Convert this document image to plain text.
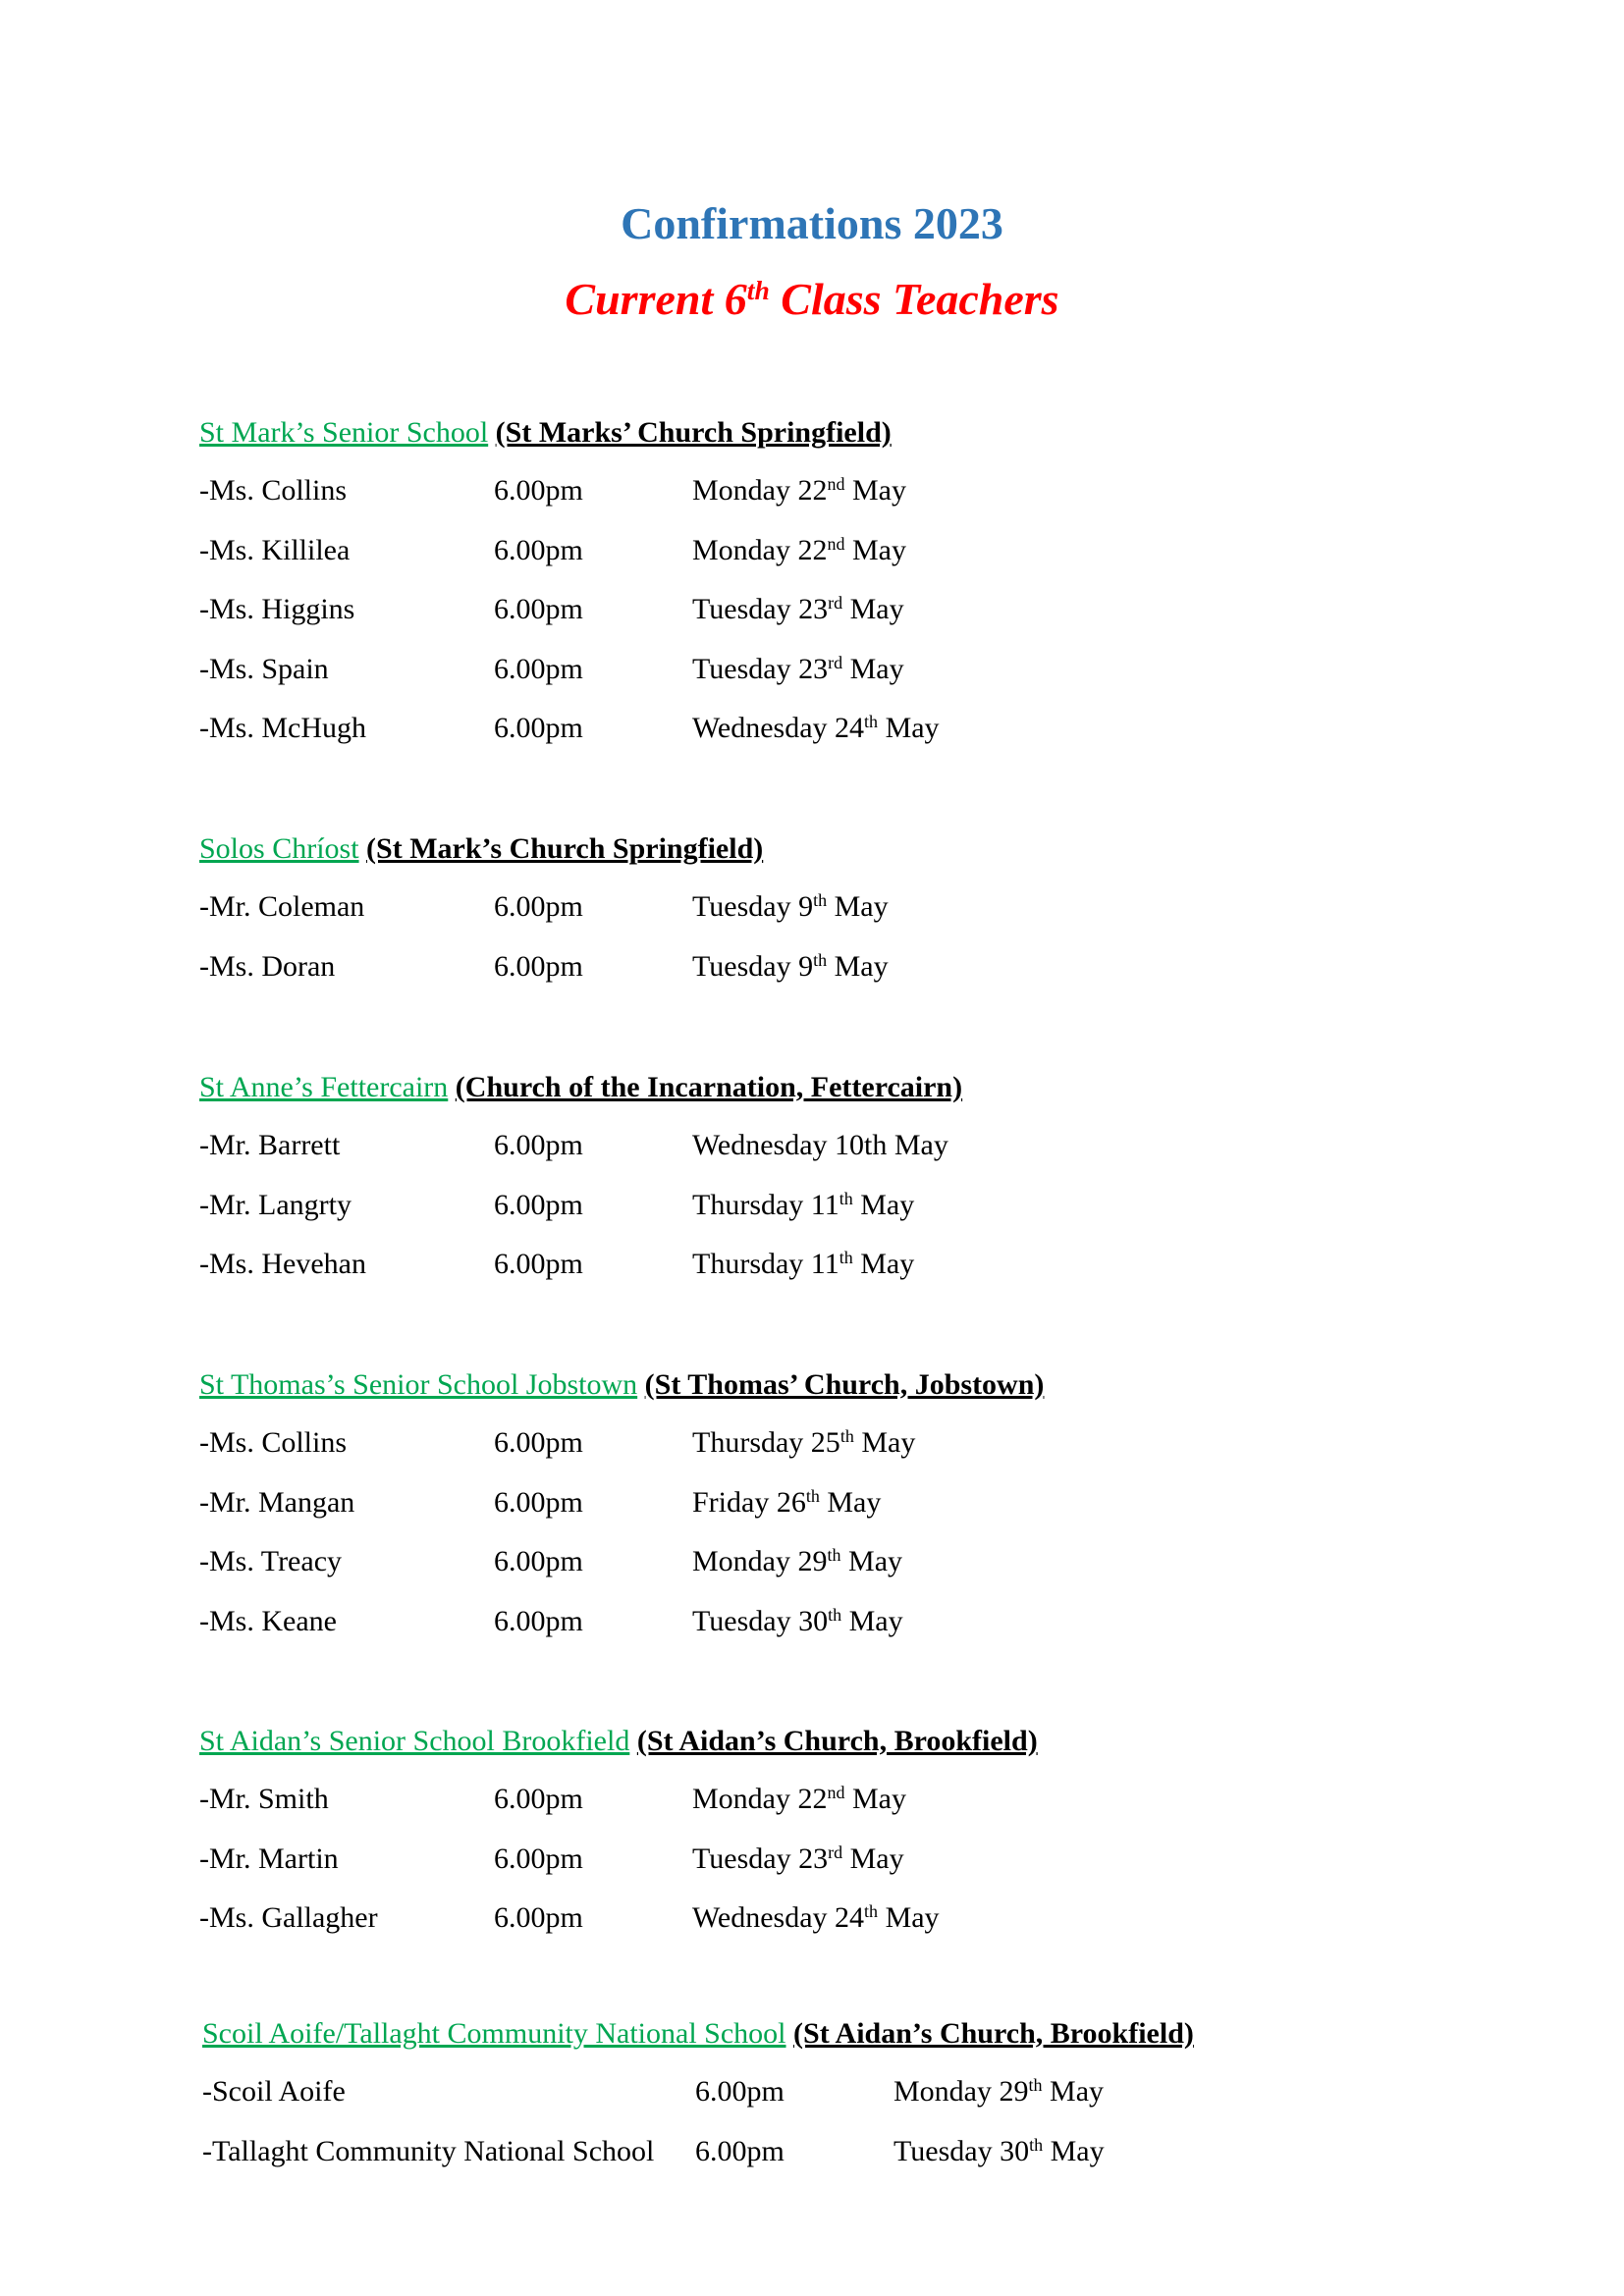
Confirmations 2023
Current 6th Class Teachers
St Mark’s Senior School (St Marks’ Church Springfield)
-Ms. Collins	6.00pm	Monday 22nd May
-Ms. Killilea	6.00pm	Monday 22nd May
-Ms. Higgins	6.00pm	Tuesday 23rd May
-Ms. Spain	6.00pm	Tuesday 23rd May
-Ms. McHugh	6.00pm	Wednesday 24th May
Solos Chríost (St Mark’s Church Springfield)
-Mr. Coleman	6.00pm	Tuesday 9th May
-Ms. Doran	6.00pm	Tuesday 9th May
St Anne’s Fettercairn (Church of the Incarnation, Fettercairn)
-Mr. Barrett	6.00pm	Wednesday 10th May
-Mr. Langrty	6.00pm	Thursday 11th May
-Ms. Hevehan	6.00pm	Thursday 11th May
St Thomas’s Senior School Jobstown (St Thomas’ Church, Jobstown)
-Ms. Collins	6.00pm	Thursday 25th May
-Mr. Mangan	6.00pm	Friday 26th May
-Ms. Treacy	6.00pm	Monday 29th May
-Ms. Keane	6.00pm	Tuesday 30th May
St Aidan’s Senior School Brookfield (St Aidan’s Church, Brookfield)
-Mr. Smith	6.00pm	Monday 22nd May
-Mr. Martin	6.00pm	Tuesday 23rd May
-Ms. Gallagher	6.00pm	Wednesday 24th May
Scoil Aoife/Tallaght Community National School (St Aidan’s Church, Brookfield)
-Scoil Aoife	6.00pm	Monday 29th May
-Tallaght Community National School 6.00pm	Tuesday 30th May
